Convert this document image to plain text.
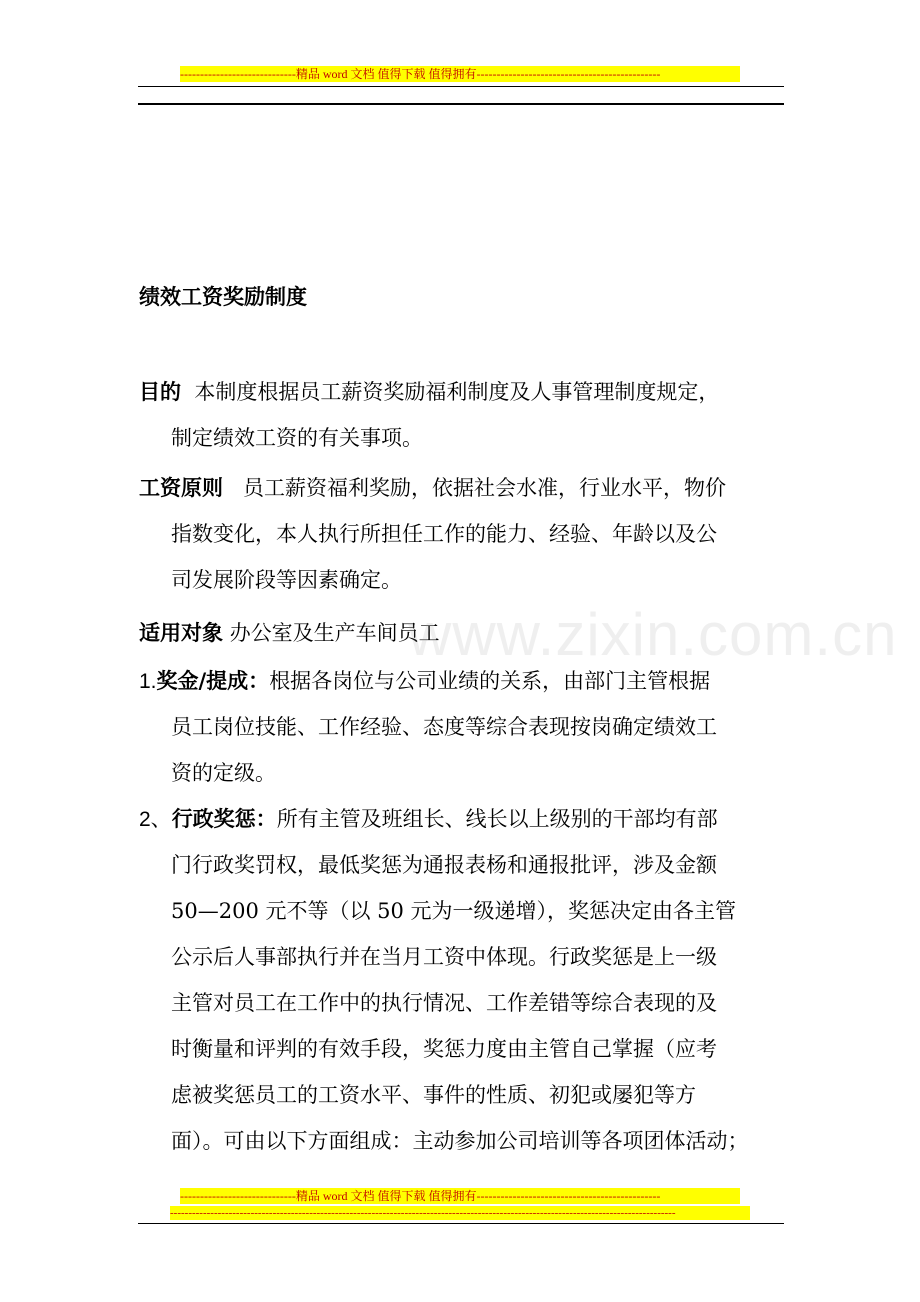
-----------------------------精品 word 文档 值得下载 值得拥有----------------------------------------------
绩效工资奖励制度
目的 本制度根据员工薪资奖励福利制度及人事管理制度规定，
制定绩效工资的有关事项。
工资原则 员工薪资福利奖励，依据社会水准，行业水平，物价
指数变化，本人执行所担任工作的能力、经验、年龄以及公
司发展阶段等因素确定。
适用对象 办公室及生产车间员工
1.奖金/提成：根据各岗位与公司业绩的关系，由部门主管根据
员工岗位技能、工作经验、态度等综合表现按岗确定绩效工
资的定级。
2、行政奖惩：所有主管及班组长、线长以上级别的干部均有部
门行政奖罚权，最低奖惩为通报表杨和通报批评，涉及金额
50—200 元不等（以 50 元为一级递增），奖惩决定由各主管
公示后人事部执行并在当月工资中体现。行政奖惩是上一级
主管对员工在工作中的执行情况、工作差错等综合表现的及
时衡量和评判的有效手段，奖惩力度由主管自己掌握（应考
虑被奖惩员工的工资水平、事件的性质、初犯或屡犯等方
面）。可由以下方面组成：主动参加公司培训等各项团体活动；
www.zixin.com.cn
-----------------------------精品 word 文档 值得下载 值得拥有----------------------------------------------
------------------------------------------------------------------------------------------------------------------------------------------
